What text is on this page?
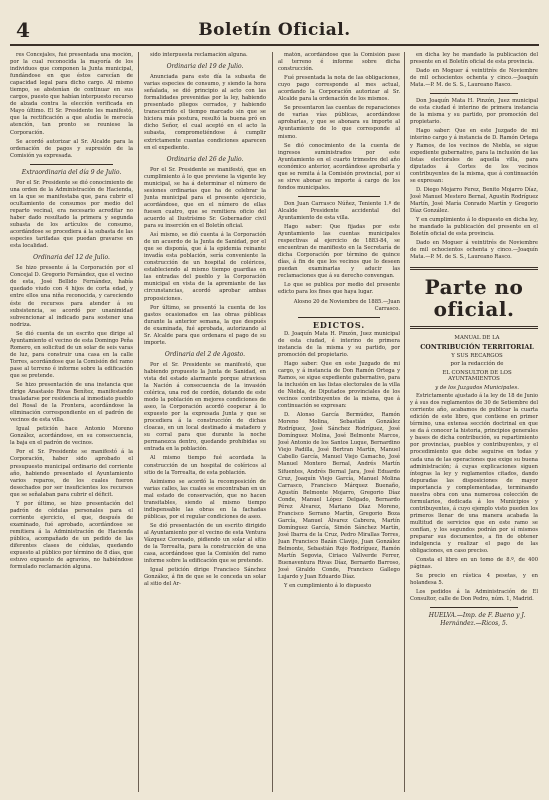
4	Boletín Oficial.

res Concejales, fué presentada una moción, por la cual reconocida la mayoría de los individuos que componen la Junta municipal, fundándose en que éstos carecían de capacidad legal para dicho cargo. Al mismo tiempo, se abstenían de continuar en sus cargos, puesto que habían interpuesto recurso de alzada contra la elección verificada en Mayo último. El Sr. Presidente les manifestó, que la rectificación a que aludía le merecía atención, tan pronto se reuniese la Corporación.

Se acordó autorizar al Sr. Alcalde para la ordenación de pagos y supresión de la Comisión ya expresada.

Extraordinaria del día 9 de Julio.

Por el Sr. Presidente se dió conocimiento de una orden de la Administración de Hacienda, en la que se manifestaba que, para cubrir el ocultamiento de consumos por medio del reparto vecinal, era necesario acreditar no haber dado resultado la primera y segunda subasta de los artículos de consumo, acordándose se procediera á la subasta de las especies tarifadas que puedan gravarse en esta localidad.

Ordinaria del 12 de Julio.

Se hizo presente á la Corporación por el Concejal D. Gregorio Fernández, que el vecino de esta, José Bellido Fernández, había quedado viudo con 4 hijos de corta edad, y entre ellos una niña reconocida, y careciendo éste de recursos para atender á su subsistencia, se acordó por unanimidad subvencionar al indicado para sostener una nodriza.

Se dió cuenta de un escrito que dirige al Ayuntamiento el vecino de esta Domingo Peña Romero, en solicitud de un solar de seis varas de luz, para construir una casa en la calle Torres, acordándose que la Comisión del ramo pase al terreno é informe sobre la edificación que se pretende.

Se hizo presentación de una instancia que dirige Anastasio Rivas Benítez, manifestando trasladarse por residencia al inmediato pueblo del Rosal de la Frontera, acordándose la eliminación correspondiente en el padrón de vecinos de esta villa.

Igual petición hace Antonio Moreno González, acordándose, en su consecuencia, la baja en el padrón de vecinos.

Por el Sr. Presidente se manifestó á la Corporación, haber sido aprobado el presupuesto municipal ordinario del corriente año, habiendo presentado el Ayuntamiento varios reparos, de los cuales fueron desechados por ser insuficientes los recursos que se señalaban para cubrir el déficit.

Y por último, se hizo presentación del padrón de cédulas personales para el corriente ejercicio, el que, después de examinado, fué aprobado, acordándose se remitiera á la Administración de Hacienda pública, acompañado de un pedido de las diferentes clases de cédulas, quedando expuesto al público por término de 8 días, que estuvo expuesto de agravios, no habiéndose formulado reclamación alguna.

sido interpuesta reclamación alguna.

Ordinaria del 19 de Julio.

Anunciada para este día la subasta de varias especies de consumo, y siendo la hora señalada, se dió principio al acto con las formalidades prevenidas por la ley, habiendo presentado pliegos cerrados, y habiendo transcurrido el tiempo marcado sin que se hiciera más postura, resultó la buena pró en dicho Señor, el cual aceptó en el acto la subasta, comprometiéndose á cumplir extrictamente cuantas condiciones aparecen en el expediente.

Ordinaria del 26 de Julio.

Por el Sr. Presidente se manifestó, que en cumplimiento á lo que previene la vigente ley municipal, se ha á determinar el número de sesiones ordinarias que ha de celebrar la Junta municipal para el presente ejercicio, acordándose, que en el número de ellas fuesen cuatro, que se remitiera oficio del acuerdo al Ilustrísimo Sr. Gobernador civil para su inserción en el Boletín oficial.

Así mismo, se dió cuenta á la Corporación de un acuerdo de la Junta de Sanidad, por el que se disponía, que á la epidemia reinante invadía esta población, sería conveniente la construcción de un hospital de coléricos, estableciendo al mismo tiempo guardias en las entradas del pueblo y la Corporación municipal en vista de la apremiante de las circunstancias, acordó aprobar ambas proposiciones.

Por último, se presentó la cuenta de los gastos ocasionados en las obras públicas durante la anterior semana, la que después de examinada, fué aprobada, autorizando al Sr. Alcalde para que ordenara el pago de su importe.

Ordinaria del 2 de Agosto.

Por el Sr. Presidente se manifestó, que habiendo propuesto la Junta de Sanidad, en vista del estado alarmante porque atraviesa la Nación á consecuencia de la invasión colérica, una red de cordón, dotando de este modo la población en mejores condiciones de aseo, la Corporación acordó cooperar á lo expuesto por la expresada Junta y que se procediera á la construcción de dichas cloacas, en un local destinado á matadero y su corral para que durante la noche permanezca dentro, quedando prohibidas su entrada en la población.

Al mismo tiempo fué acordada la construcción de un hospital de coléricos al sitio de la Torrealta, de esta población.

Asimismo se acordó la recomposición de varias calles, las cuales se encontraban en un mal estado de conservación, que no hacen transitables, siendo al mismo tiempo indispensable las obras en la fachadas públicas, por el regular condiciones de aseo.

Se dió presentación de un escrito dirigido al Ayuntamiento por el vecino de esta Ventura Vázquez Coronado, pidiendo un solar al sitio de la Torrealta, para la construcción de una casa, acordándose que la Comisión del ramo informe sobre la edificación que se pretende.

Igual petición dirige Francisco Sánchez González, á fin de que se le conceda un solar al sitio del Ar-

matón, acordándose que la Comisión pase al terreno é informe sobre dicha construcción.

Fué presentada la nota de las obligaciones, cuyo pago corresponde al mes actual, acordando la Corporación autorizar al Sr. Alcalde para la ordenación de los mismos.

Se presentaron las cuentas de reparaciones de varias vías públicas, acordándose aprobarlas, y que se abonara su importe al Ayuntamiento de lo que corresponde al mismo.

Se dió conocimiento de la cuenta de ingresos suministrados por este Ayuntamiento en el cuarto trimestre del año económico anterior, acordándose aprobarla y que se remita á la Comisión provincial, por si se sirve abonar su importe á cargo de los fondos municipales.

Don Juan Carrasco Núñez, Teniente 1.º de Alcalde Presidente accidental del Ayuntamiento de esta villa.

Hago saber: Que fijadas por este Ayuntamiento las cuentas municipales respectivas al ejercicio de 1883-84, se encuentran de manifiesto en la Secretaría de dicha Corporación por término de quince días, á fin de que los vecinos que lo deseen puedan examinarlas y aducir las reclamaciones que á su derecho convengan.

Lo que se publica por medio del presente edicto para los fines que haya lugar.

Alosno 20 de Noviembre de 1885.—Juan Carrasco.

EDICTOS.

D. Joaquín Mata H. Pinzón, Juez municipal de esta ciudad, é interino de primera instancia de la misma y su partido, por promoción del propietario.

Hago saber: Que en este Juzgado de mi cargo, y á instancia de Don Ramón Ortega y Ramos, se sigue expediente gubernativo, para la inclusión en las listas electorales de la villa de Niebla, de Diputados provinciales de los vecinos contribuyentes de la misma, que á continuación se expresan:

D. Alonso García Bermúdez, Ramón Moreno Molina, Sebastián González Rodríguez, José Sánchez Rodríguez, José Domínguez Molina, José Belmonte Marcos, José Antonio de los Santos Luque, Bernardino Viejo Padilla, José Bertran Martín, Manuel Cabello García, Manuel Viejo Camacho, José Manuel Montero Bernal, Andrés Martín Sifuentes, Andrés Bernal Jara, José Eduardo Cruz, Joaquín Viejo García, Manuel Molina Carrasco, Francisco Márquez Buenaño, Agustín Belmonte Mojarro, Gregorio Díaz Conde, Manuel López Delgado, Bernardo Pérez Álvarez, Mariano Díaz Moreno, Francisco Serrano Martín, Gregorio Boza García, Manuel Álvarez Cabrera, Martín Domínguez García, Simón Sánchez Martín, José Ibarra de la Cruz, Pedro Mirallas Torres, Juan Francisco Bazán Clavijo, Juan González Belmonte, Sebastián Rojo Rodríguez, Ramón Martín Segovia, Ciriaco Vallverde Ferrer, Buenaventura Rivas Díaz, Bernardo Barroso, José Giraldo Conde, Francisco Gallego Lujardo y Juan Eduardo Díaz.

Y en cumplimiento á lo dispuesto

en dicha ley he mandado la publicación del presente en el Boletín oficial de esta provincia.

Dado en Moguer á veintitrés de Noviembre de mil ochocientos ochenta y cinco.—Joaquín Mata.—P. M. de S. S., Laureano Rasco.

Don Joaquín Mata H. Pinzón, Juez municipal de esta ciudad é interino de primera instancia de la misma y su partido, por promoción del propietario.

Hago saber: Que en este Juzgado de mi interino cargo y á instancia de D. Ramón Ortega y Ramos, de los vecinos de Niebla, se sigue expediente gubernativo, para la inclusión de las listas electorales de aquella villa, para diputados á Cortes de los vecinos contribuyentes de la misma, que á continuación se expresan:

D. Diego Mojarro Ferez, Benito Mojarro Díaz, José Manuel Mestero Bernal, Agustín Rodríguez Martín, José María Conrado Martín y Gregorio Díaz González.

Y en cumplimiento á lo dispuesto en dicha ley, he mandado la publicación del presente en el Boletín oficial de esta provincia.

Dado en Moguer á veintitrés de Noviembre de mil ochocientos ochenta y cinco.—Joaquín Mata.—P. M. de S. S., Laureano Rasco.

Parte no oficial.

MANUAL DE LA

CONTRIBUCIÓN TERRITORIAL

Y SUS RECARGOS

por la redacción de

EL CONSULTOR DE LOS AYUNTAMIENTOS

y de los Juzgados Municipales.

Estrictamente ajustado á la ley de 18 de Junio y á sus dos reglamentos de 30 de Setiembre del corriente año, acabamos de publicar la cuarta edición de este libro, que contiene en primer término, una extensa sección doctrinal en que se da á conocer la historia, principios generales y bases de dicha contribución, su repartimiento por provincias, pueblos y contribuyentes, y el procedimiento que debe seguirse en todas y cada una de las operaciones que exige su buena administración; á cuyas explicaciones siguen íntegras la ley y reglamentos citados, dando depuradas las disposiciones de mayor importancia y complementadas, terminando nuestra obra con una numerosa colección de formularios, dedicada á los Municipios y contribuyentes, á cuyo ejemplo visto pueden los primeros llenar de una manera acabada la multitud de servicios que en este ramo se confían, y los segundos podrán por sí mismos preparar sus documentos, a fin de obtener indulgencia y realizar el pago de las obligaciones, en caso preciso.

Consta el libro en un tomo de 8.º, de 400 páginas.

Su precio en rústica 4 pesetas, y en holandesa 5.

Los pedidos á la Administración de El Consultor, calle de Don Pedro, núm. 1, Madrid.

HUELVA.—Imp. de F. Bueno y J. Hernández.—Ricos, 5.
